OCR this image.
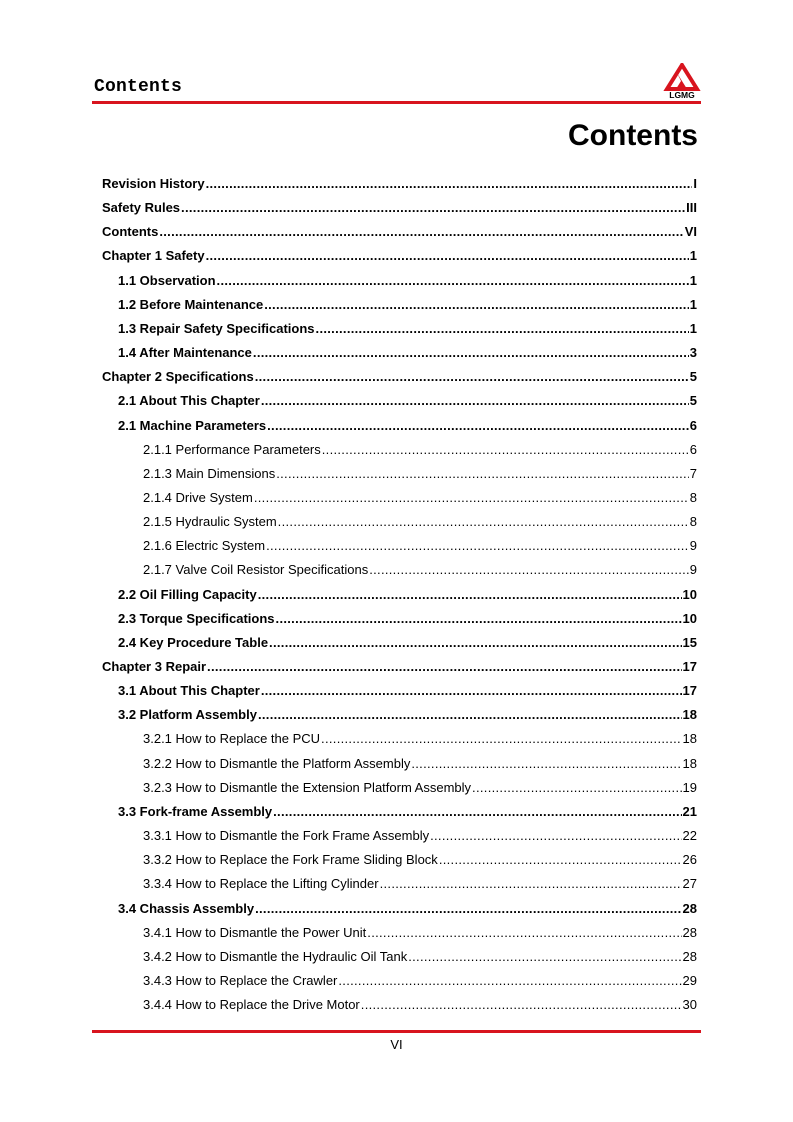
Contents	LGMG
Contents
Revision History .....	I
Safety Rules .....	III
Contents .....	VI
Chapter 1 Safety .....	1
1.1 Observation .....	1
1.2 Before Maintenance .....	1
1.3 Repair Safety Specifications .....	1
1.4 After Maintenance .....	3
Chapter 2 Specifications .....	5
2.1 About This Chapter .....	5
2.1 Machine Parameters .....	6
2.1.1 Performance Parameters .....	6
2.1.3 Main Dimensions .....	7
2.1.4 Drive System .....	8
2.1.5 Hydraulic System .....	8
2.1.6 Electric System .....	9
2.1.7 Valve Coil Resistor Specifications .....	9
2.2 Oil Filling Capacity .....	10
2.3 Torque Specifications .....	10
2.4 Key Procedure Table .....	15
Chapter 3 Repair .....	17
3.1 About This Chapter .....	17
3.2 Platform Assembly .....	18
3.2.1 How to Replace the PCU .....	18
3.2.2 How to Dismantle the Platform Assembly .....	18
3.2.3 How to Dismantle the Extension Platform Assembly .....	19
3.3 Fork-frame Assembly .....	21
3.3.1 How to Dismantle the Fork Frame Assembly .....	22
3.3.2 How to Replace the Fork Frame Sliding Block .....	26
3.3.4 How to Replace the Lifting Cylinder .....	27
3.4 Chassis Assembly .....	28
3.4.1 How to Dismantle the Power Unit .....	28
3.4.2 How to Dismantle the Hydraulic Oil Tank .....	28
3.4.3 How to Replace the Crawler .....	29
3.4.4 How to Replace the Drive Motor .....	30
VI
